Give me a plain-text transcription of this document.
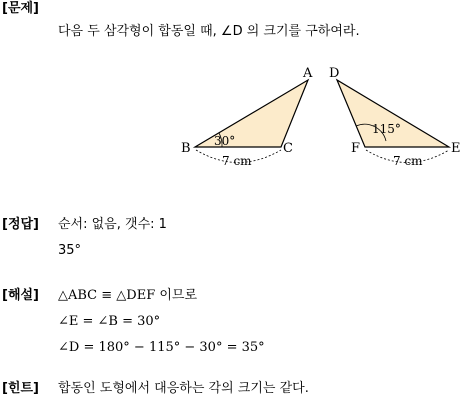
[문제]
다음 두 삼각형이 합동일 때, ∠D 의 크기를 구하여라.
A
B	C
30°
7 cm
D
F	E
115°
7 cm
[정답] 순서: 없음, 갯수: 1
35°
[해설] △ABC ≡ △DEF 이므로
∠E = ∠B = 30°
∠D = 180° − 115° − 30° = 35°
[힌트] 합동인 도형에서 대응하는 각의 크기는 같다.
